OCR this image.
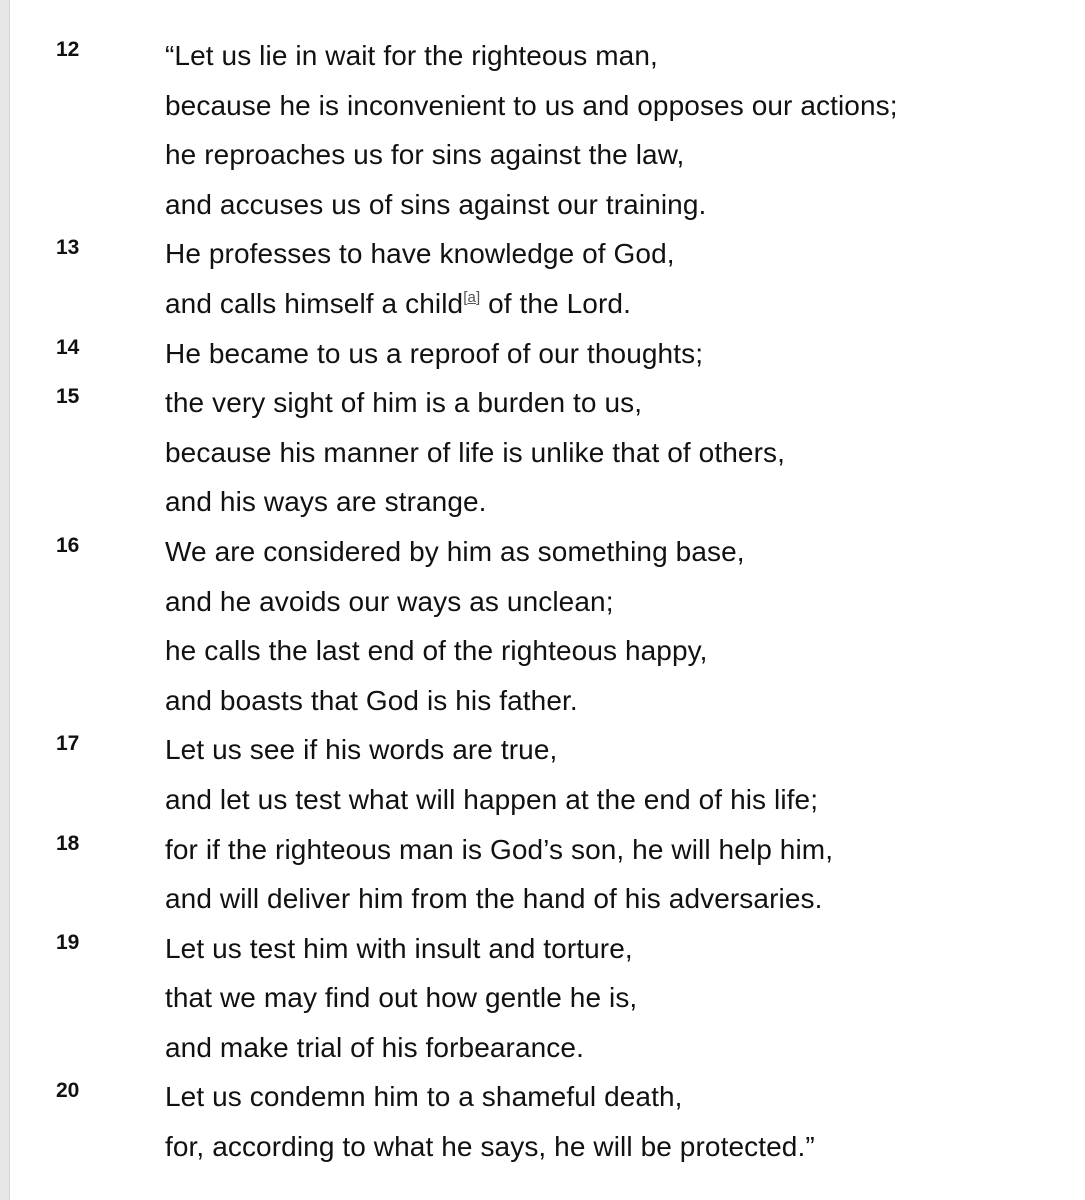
12	“Let us lie in wait for the righteous man,
because he is inconvenient to us and opposes our actions;
he reproaches us for sins against the law,
and accuses us of sins against our training.
13	He professes to have knowledge of God,
and calls himself a child[a] of the Lord.
14	He became to us a reproof of our thoughts;
15	the very sight of him is a burden to us,
because his manner of life is unlike that of others,
and his ways are strange.
16	We are considered by him as something base,
and he avoids our ways as unclean;
he calls the last end of the righteous happy,
and boasts that God is his father.
17	Let us see if his words are true,
and let us test what will happen at the end of his life;
18	for if the righteous man is God’s son, he will help him,
and will deliver him from the hand of his adversaries.
19	Let us test him with insult and torture,
that we may find out how gentle he is,
and make trial of his forbearance.
20	Let us condemn him to a shameful death,
for, according to what he says, he will be protected.”
